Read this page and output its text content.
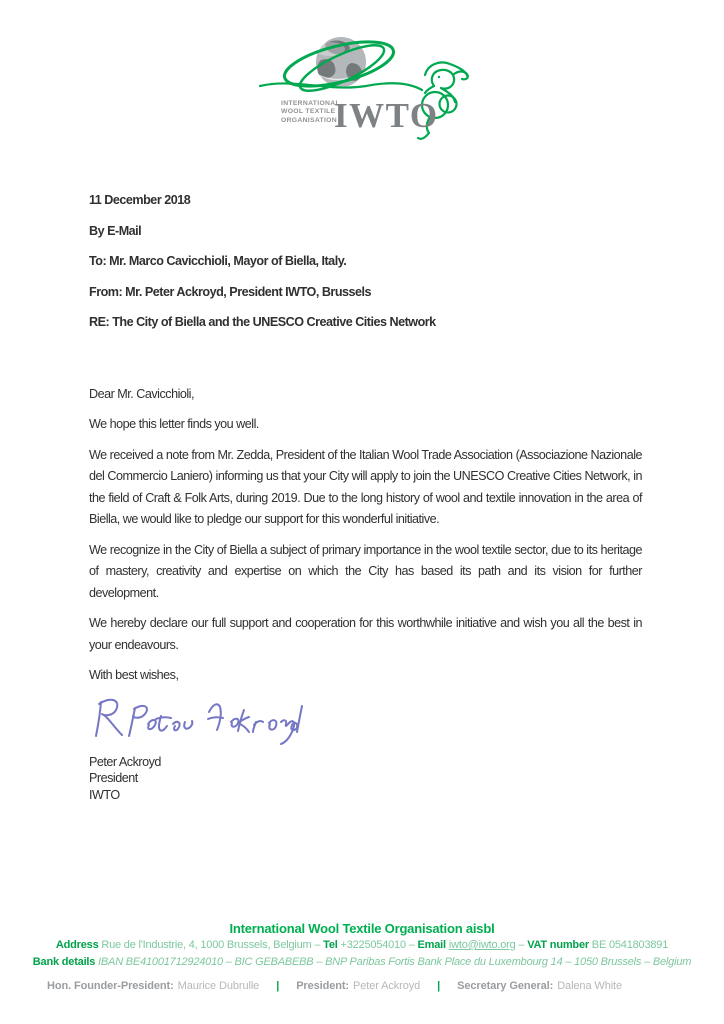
INTERNATIONAL
WOOL TEXTILE
ORGANISATION
IWTO

11 December 2018

By E-Mail

To: Mr. Marco Cavicchioli, Mayor of Biella, Italy.

From: Mr. Peter Ackroyd, President IWTO, Brussels

RE: The City of Biella and the UNESCO Creative Cities Network

Dear Mr. Cavicchioli,

We hope this letter finds you well.

We received a note from Mr. Zedda, President of the Italian Wool Trade Association (Associazione Nazionale del Commercio Laniero) informing us that your City will apply to join the UNESCO Creative Cities Network, in the field of Craft & Folk Arts, during 2019. Due to the long history of wool and textile innovation in the area of Biella, we would like to pledge our support for this wonderful initiative.

We recognize in the City of Biella a subject of primary importance in the wool textile sector, due to its heritage of mastery, creativity and expertise on which the City has based its path and its vision for further development.

We hereby declare our full support and cooperation for this worthwhile initiative and wish you all the best in your endeavours.

With best wishes,

Peter Ackroyd
President
IWTO
International Wool Textile Organisation aisbl
Address Rue de l'Industrie, 4, 1000 Brussels, Belgium – Tel +3225054010 – Email iwto@iwto.org – VAT number BE 0541803891
Bank details IBAN BE41001712924010 – BIC GEBABEBB – BNP Paribas Fortis Bank Place du Luxembourg 14 – 1050 Brussels – Belgium
Hon. Founder-President: Maurice Dubrulle | President: Peter Ackroyd | Secretary General: Dalena White
